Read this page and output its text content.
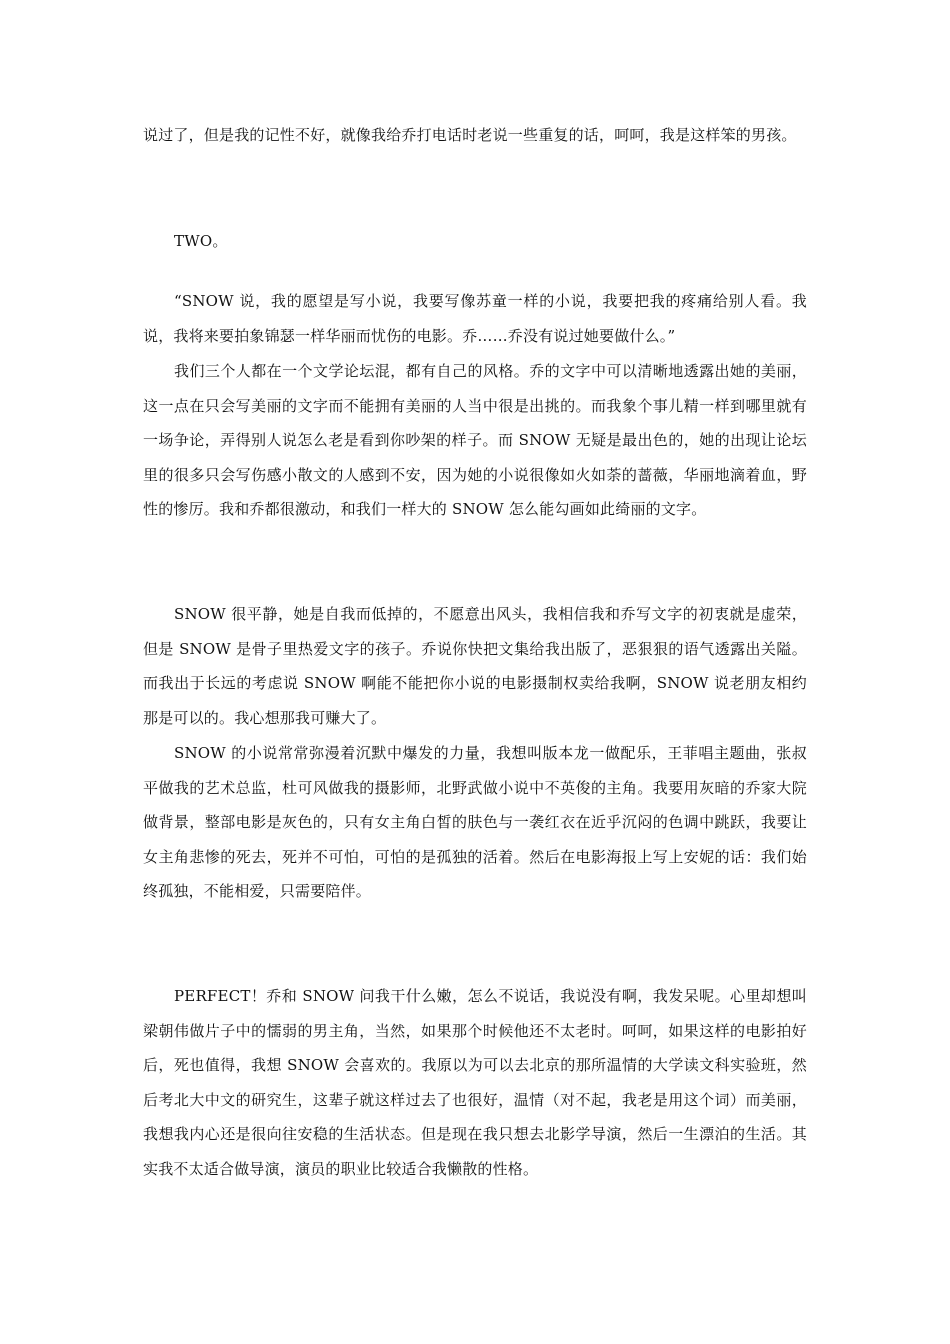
说过了，但是我的记性不好，就像我给乔打电话时老说一些重复的话，呵呵，我是这样笨的男孩。

TWO。

“SNOW 说，我的愿望是写小说，我要写像苏童一样的小说，我要把我的疼痛给别人看。我说，我将来要拍象锦瑟一样华丽而忧伤的电影。乔……乔没有说过她要做什么。”

我们三个人都在一个文学论坛混，都有自己的风格。乔的文字中可以清晰地透露出她的美丽，这一点在只会写美丽的文字而不能拥有美丽的人当中很是出挑的。而我象个事儿精一样到哪里就有一场争论，弄得别人说怎么老是看到你吵架的样子。而 SNOW 无疑是最出色的，她的出现让论坛里的很多只会写伤感小散文的人感到不安，因为她的小说很像如火如荼的蔷薇，华丽地滴着血，野性的惨厉。我和乔都很激动，和我们一样大的 SNOW 怎么能勾画如此绮丽的文字。

SNOW 很平静，她是自我而低掉的，不愿意出风头，我相信我和乔写文字的初衷就是虚荣，但是 SNOW 是骨子里热爱文字的孩子。乔说你快把文集给我出版了，恶狠狠的语气透露出关隘。而我出于长远的考虑说 SNOW 啊能不能把你小说的电影摄制权卖给我啊，SNOW 说老朋友相约那是可以的。我心想那我可赚大了。

SNOW 的小说常常弥漫着沉默中爆发的力量，我想叫版本龙一做配乐，王菲唱主题曲，张叔平做我的艺术总监，杜可风做我的摄影师，北野武做小说中不英俊的主角。我要用灰暗的乔家大院做背景，整部电影是灰色的，只有女主角白皙的肤色与一袭红衣在近乎沉闷的色调中跳跃，我要让女主角悲惨的死去，死并不可怕，可怕的是孤独的活着。然后在电影海报上写上安妮的话：我们始终孤独，不能相爱，只需要陪伴。

PERFECT！乔和 SNOW 问我干什么嫩，怎么不说话，我说没有啊，我发呆呢。心里却想叫梁朝伟做片子中的懦弱的男主角，当然，如果那个时候他还不太老时。呵呵，如果这样的电影拍好后，死也值得，我想 SNOW 会喜欢的。我原以为可以去北京的那所温情的大学读文科实验班，然后考北大中文的研究生，这辈子就这样过去了也很好，温情（对不起，我老是用这个词）而美丽，我想我内心还是很向往安稳的生活状态。但是现在我只想去北影学导演，然后一生漂泊的生活。其实我不太适合做导演，演员的职业比较适合我懒散的性格。
